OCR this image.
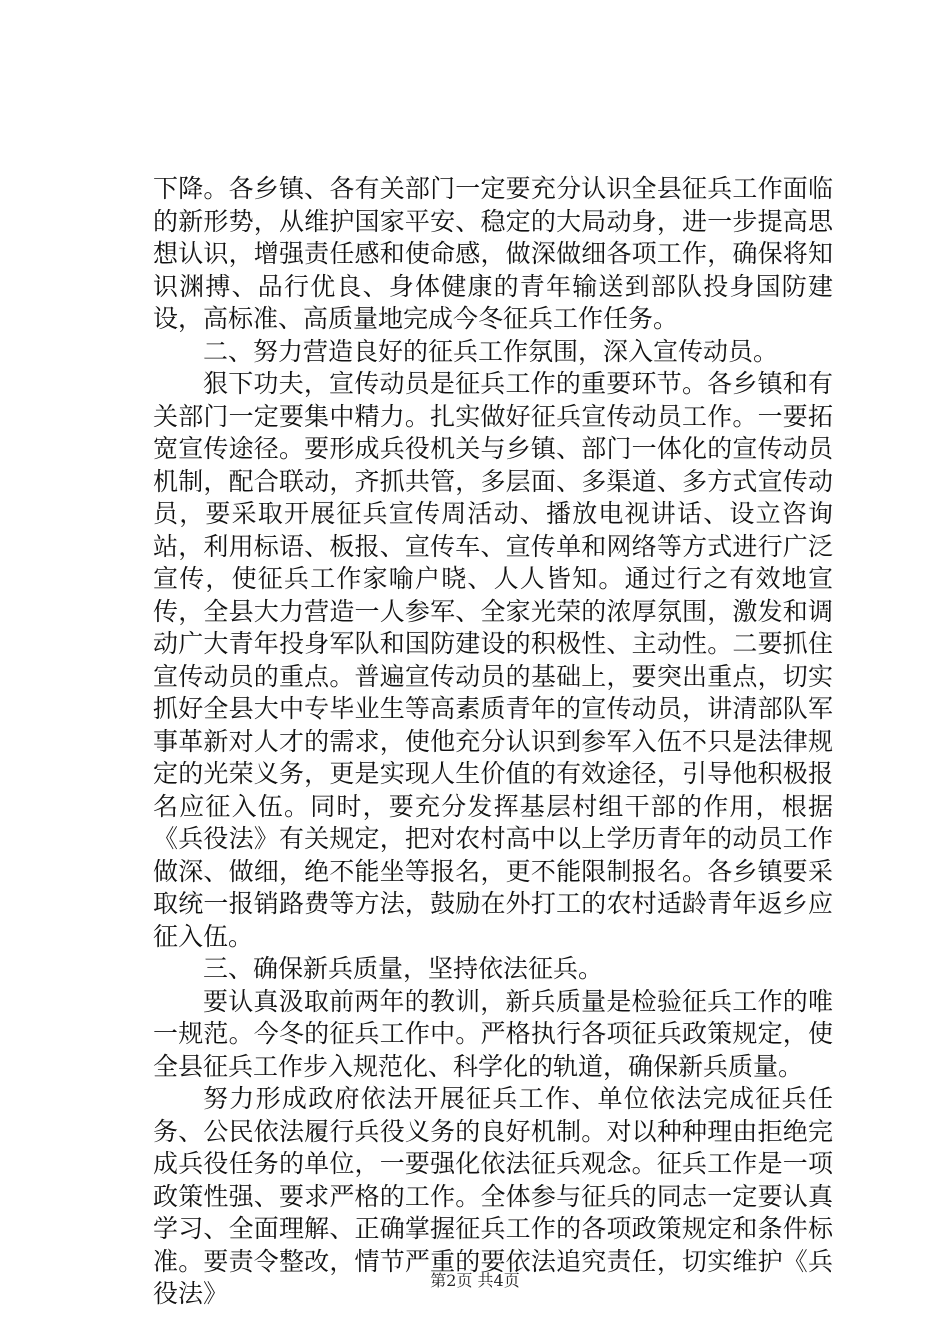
下降。各乡镇、各有关部门一定要充分认识全县征兵工作面临的新形势，从维护国家平安、稳定的大局动身，进一步提高思想认识，增强责任感和使命感，做深做细各项工作，确保将知识渊搏、品行优良、身体健康的青年输送到部队投身国防建设，高标准、高质量地完成今冬征兵工作任务。

二、努力营造良好的征兵工作氛围，深入宣传动员。

狠下功夫，宣传动员是征兵工作的重要环节。各乡镇和有关部门一定要集中精力。扎实做好征兵宣传动员工作。一要拓宽宣传途径。要形成兵役机关与乡镇、部门一体化的宣传动员机制，配合联动，齐抓共管，多层面、多渠道、多方式宣传动员，要采取开展征兵宣传周活动、播放电视讲话、设立咨询站，利用标语、板报、宣传车、宣传单和网络等方式进行广泛宣传，使征兵工作家喻户晓、人人皆知。通过行之有效地宣传，全县大力营造一人参军、全家光荣的浓厚氛围，激发和调动广大青年投身军队和国防建设的积极性、主动性。二要抓住宣传动员的重点。普遍宣传动员的基础上，要突出重点，切实抓好全县大中专毕业生等高素质青年的宣传动员，讲清部队军事革新对人才的需求，使他充分认识到参军入伍不只是法律规定的光荣义务，更是实现人生价值的有效途径，引导他积极报名应征入伍。同时，要充分发挥基层村组干部的作用，根据《兵役法》有关规定，把对农村高中以上学历青年的动员工作做深、做细，绝不能坐等报名，更不能限制报名。各乡镇要采取统一报销路费等方法，鼓励在外打工的农村适龄青年返乡应征入伍。

三、确保新兵质量，坚持依法征兵。

要认真汲取前两年的教训，新兵质量是检验征兵工作的唯一规范。今冬的征兵工作中。严格执行各项征兵政策规定，使全县征兵工作步入规范化、科学化的轨道，确保新兵质量。

努力形成政府依法开展征兵工作、单位依法完成征兵任务、公民依法履行兵役义务的良好机制。对以种种理由拒绝完成兵役任务的单位，一要强化依法征兵观念。征兵工作是一项政策性强、要求严格的工作。全体参与征兵的同志一定要认真学习、全面理解、正确掌握征兵工作的各项政策规定和条件标准。要责令整改，情节严重的要依法追究责任，切实维护《兵役法》	第2页 共4页
